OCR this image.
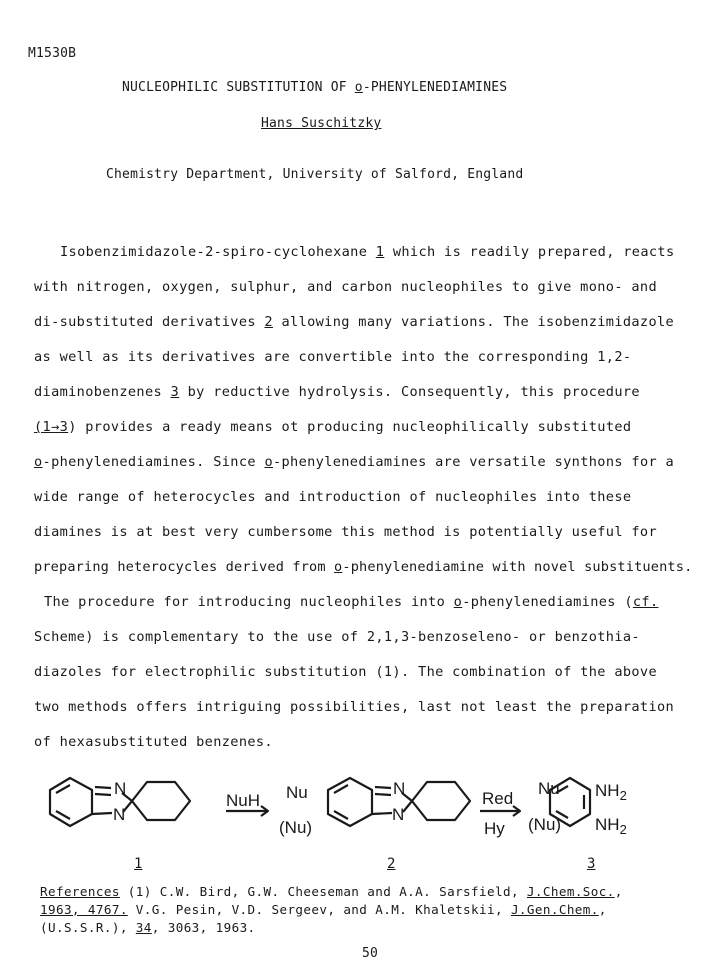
M1530B
NUCLEOPHILIC SUBSTITUTION OF o-PHENYLENEDIAMINES
Hans Suschitzky
Chemistry Department, University of Salford, England
Isobenzimidazole-2-spiro-cyclohexane 1 which is readily prepared, reacts
with nitrogen, oxygen, sulphur, and carbon nucleophiles to give mono- and
di-substituted derivatives 2 allowing many variations. The isobenzimidazole
as well as its derivatives are convertible into the corresponding 1,2-
diaminobenzenes 3 by reductive hydrolysis. Consequently, this procedure
(1→3) provides a ready means ot producing nucleophilically substituted
o-phenylenediamines. Since o-phenylenediamines are versatile synthons for a
wide range of heterocycles and introduction of nucleophiles into these
diamines is at best very cumbersome this method is potentially useful for
preparing heterocycles derived from o-phenylenediamine with novel substituents.
The procedure for introducing nucleophiles into o-phenylenediamines (cf.
Scheme) is complementary to the use of 2,1,3-benzoseleno- or benzothia-
diazoles for electrophilic substitution (1). The combination of the above
two methods offers intriguing possibilities, last not least the preparation
of hexasubstituted benzenes.
N
N
NuH Nu
(Nu)
N
N
Red
Hy
Nu
(Nu)
$NH_2$
$NH_2$
1	2	3
References (1) C.W. Bird, G.W. Cheeseman and A.A. Sarsfield, J.Chem.Soc.,
1963, 4767. V.G. Pesin, V.D. Sergeev, and A.M. Khaletskii, J.Gen.Chem.,
(U.S.S.R.), 34, 3063, 1963.
50
